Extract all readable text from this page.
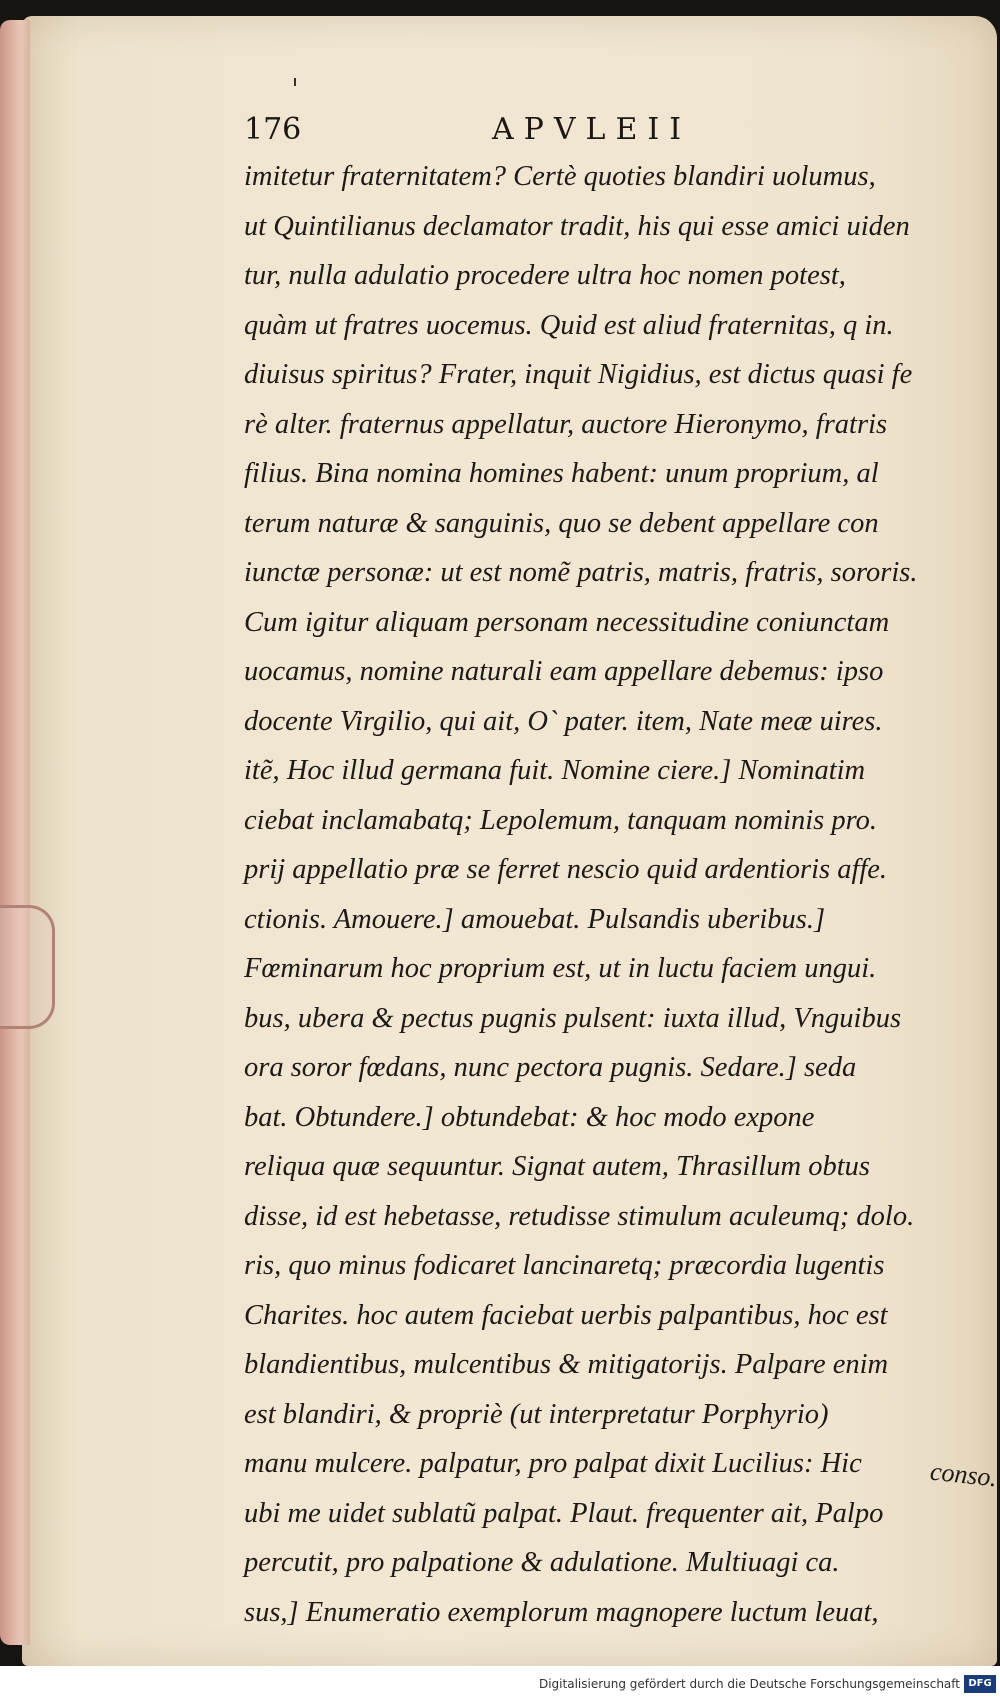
176	APVLEII
imitetur fraternitatem? Certè quoties blandiri uolumus,
ut Quintilianus declamator tradit, his qui esse amici uiden
tur, nulla adulatio procedere ultra hoc nomen potest,
quàm ut fratres uocemus. Quid est aliud fraternitas, q in.
diuisus spiritus? Frater, inquit Nigidius, est dictus quasi fe
rè alter. fraternus appellatur, auctore Hieronymo, fratris
filius. Bina nomina homines habent: unum proprium, al
terum naturæ & sanguinis, quo se debent appellare con
iunctæ personæ: ut est nomẽ patris, matris, fratris, sororis.
Cum igitur aliquam personam necessitudine coniunctam
uocamus, nomine naturali eam appellare debemus: ipso
docente Virgilio, qui ait, O` pater. item, Nate meæ uires.
itẽ, Hoc illud germana fuit. Nomine ciere.] Nominatim
ciebat inclamabatq; Lepolemum, tanquam nominis pro.
prij appellatio præ se ferret nescio quid ardentioris affe.
ctionis. Amouere.] amouebat. Pulsandis uberibus.]
Fœminarum hoc proprium est, ut in luctu faciem ungui.
bus, ubera & pectus pugnis pulsent: iuxta illud, Vnguibus
ora soror fœdans, nunc pectora pugnis. Sedare.] seda
bat. Obtundere.] obtundebat: & hoc modo expone
reliqua quæ sequuntur. Signat autem, Thrasillum obtus
disse, id est hebetasse, retudisse stimulum aculeumq; dolo.
ris, quo minus fodicaret lancinaretq; præcordia lugentis
Charites. hoc autem faciebat uerbis palpantibus, hoc est
blandientibus, mulcentibus & mitigatorijs. Palpare enim
est blandiri, & propriè (ut interpretatur Porphyrio)
manu mulcere. palpatur, pro palpat dixit Lucilius: Hic
ubi me uidet sublatũ palpat. Plaut. frequenter ait, Palpo
percutit, pro palpatione & adulatione. Multiuagi ca.
sus,] Enumeratio exemplorum magnopere luctum leuat,
conso.
Digitalisierung gefördert durch die Deutsche Forschungsgemeinschaft DFG
